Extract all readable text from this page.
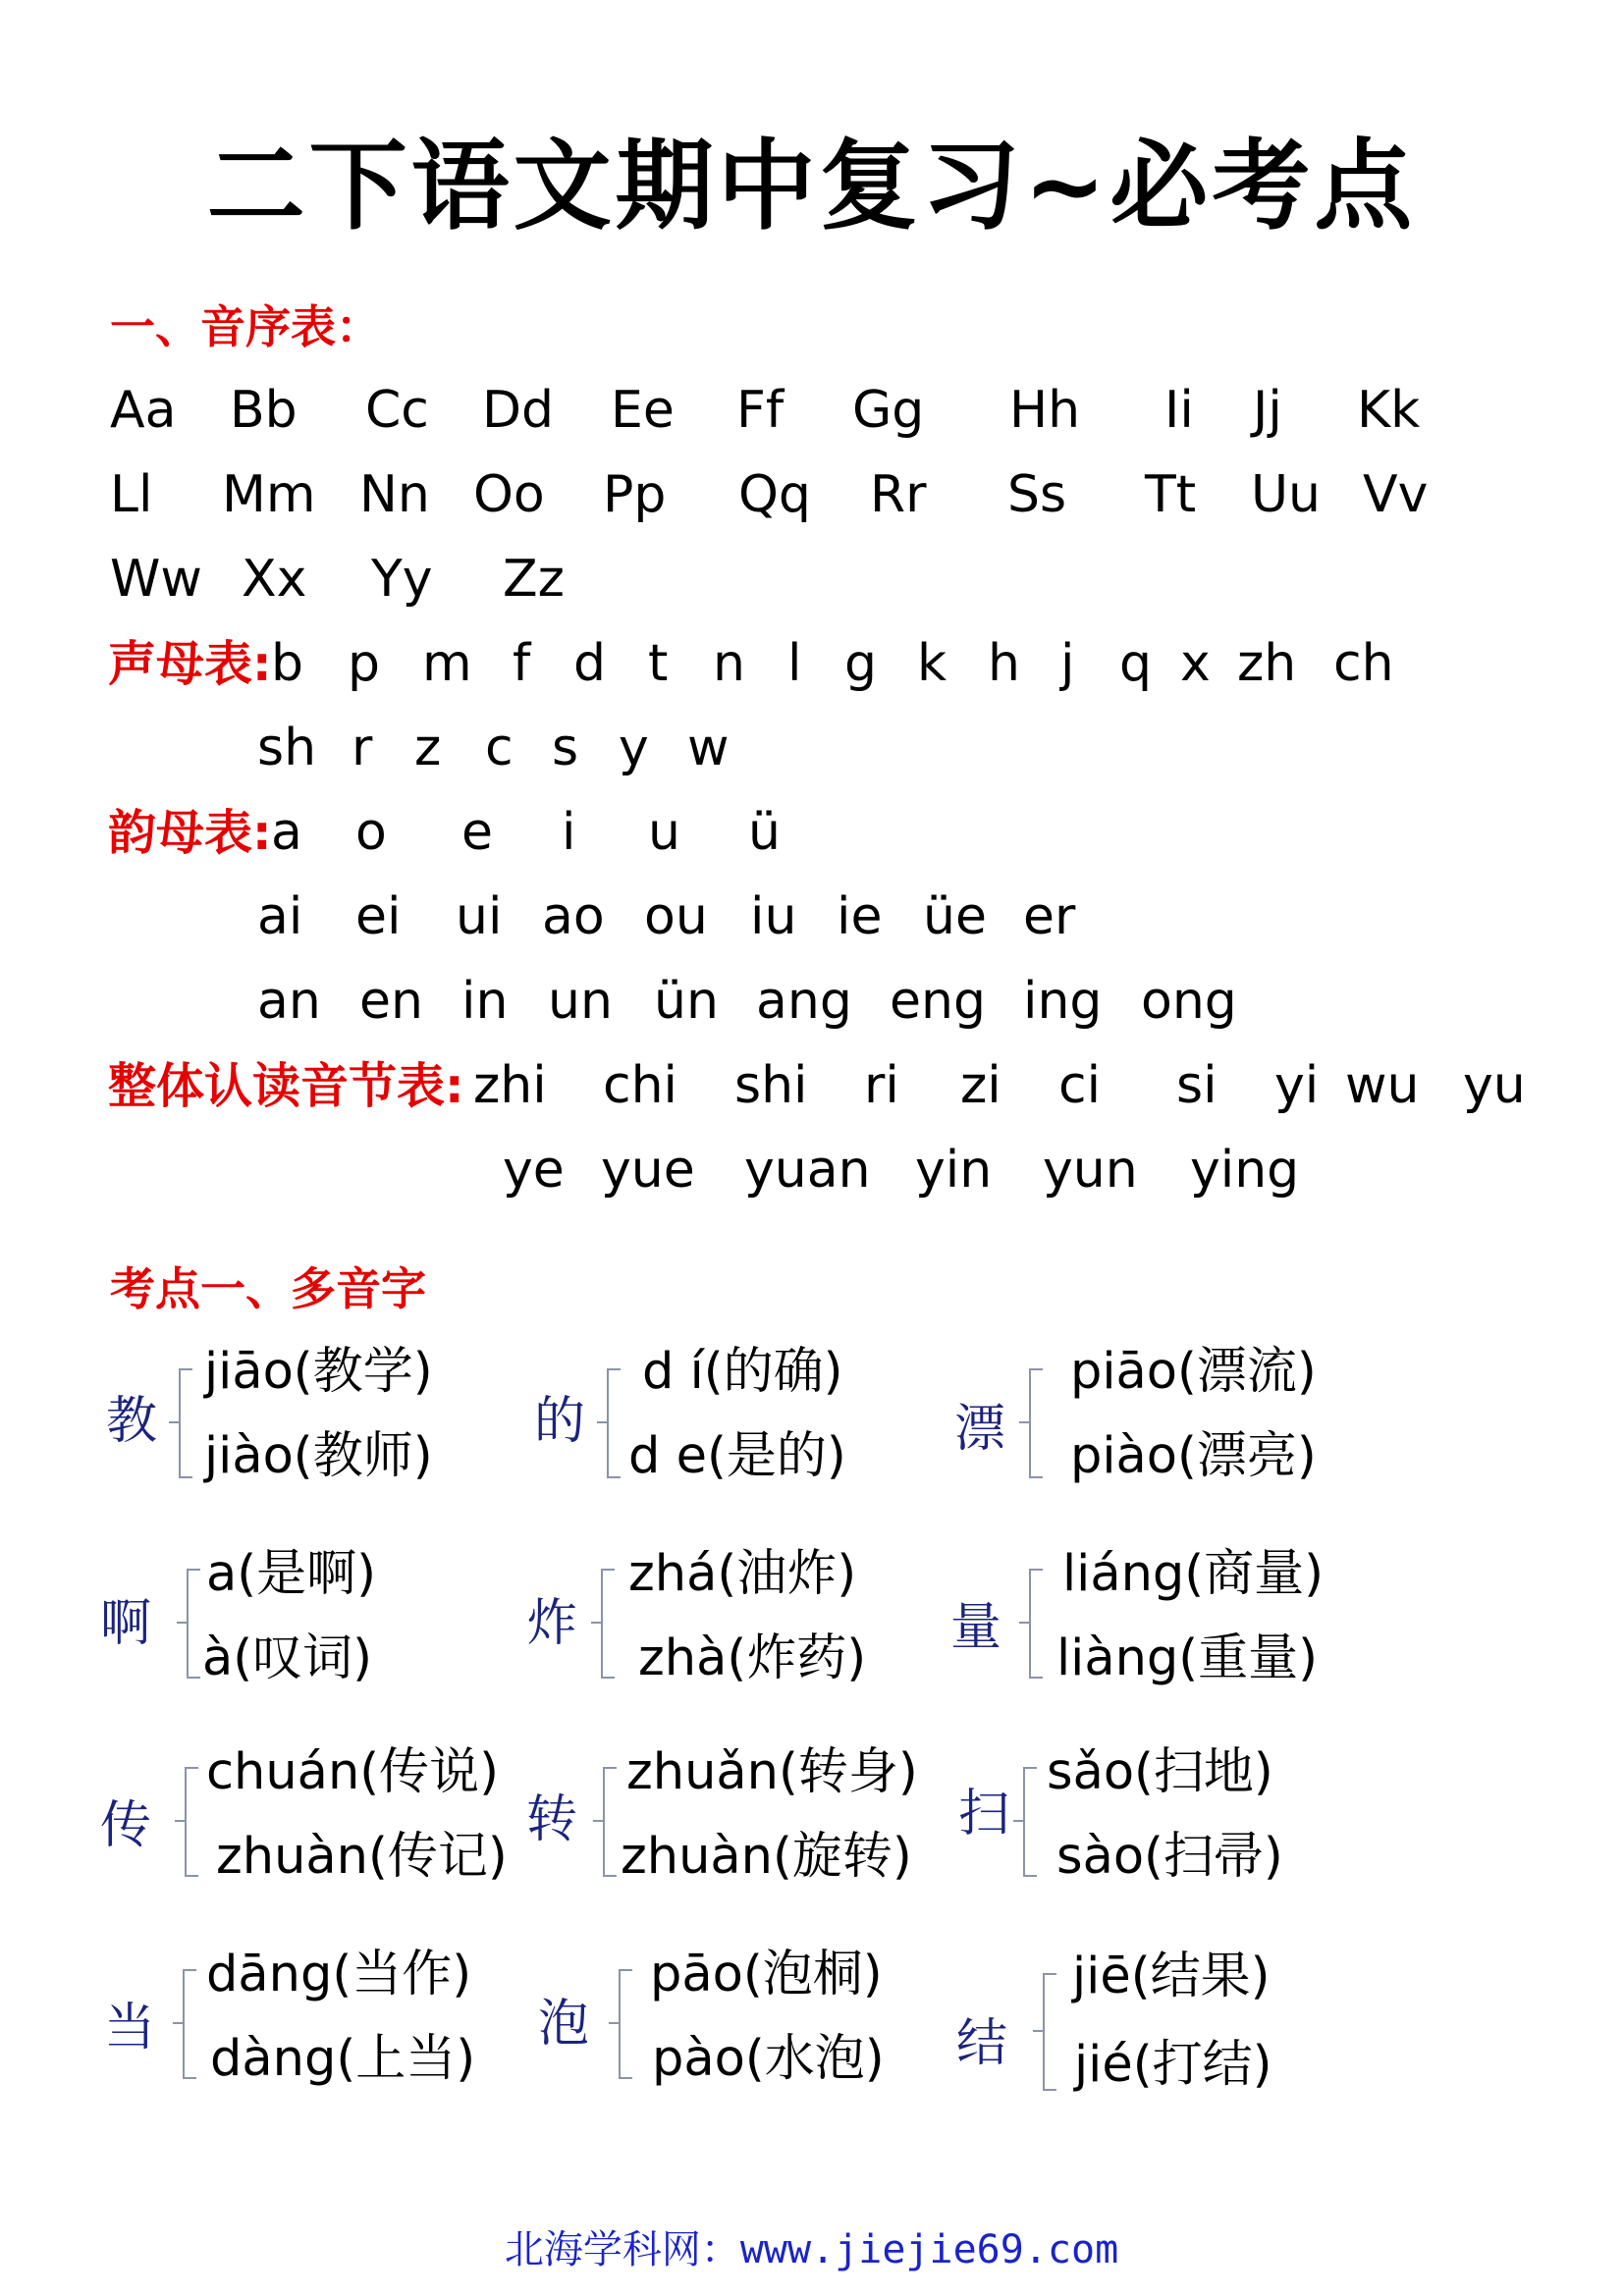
二下语文期中复习~必考点
一、音序表：
Aa Bb Cc Dd Ee Ff Gg Hh Ii Jj Kk
Ll Mm Nn Oo Pp Qq Rr Ss Tt Uu Vv
Ww Xx Yy Zz
声母表: b p m f d t n l g k h j q x zh ch
sh r z c s y w
韵母表: a o e i u ü
ai ei ui ao ou iu ie üe er
an en in un ün ang eng ing ong
整体认读音节表: zhi chi shi ri zi ci si yi wu yu
ye yue yuan yin yun ying
考点一、多音字
教
jiāo(教学)
jiào(教师)
的
d í(的确)
d e(是的) 漂
piāo(漂流)
piào(漂亮)
啊
a(是啊)
à(叹词)
炸
zhá(油炸)
zhà(炸药)
量
liáng(商量)
liàng(重量)
传
chuán(传说)
zhuàn(传记)
转
zhuǎn(转身)
zhuàn(旋转)
扫
sǎo(扫地)
sào(扫帚)
当
dāng(当作)
dàng(上当)
泡
pāo(泡桐)
pào(水泡) 结
jiē(结果)
jié(打结)
北海学科网：www.jiejie69.com
